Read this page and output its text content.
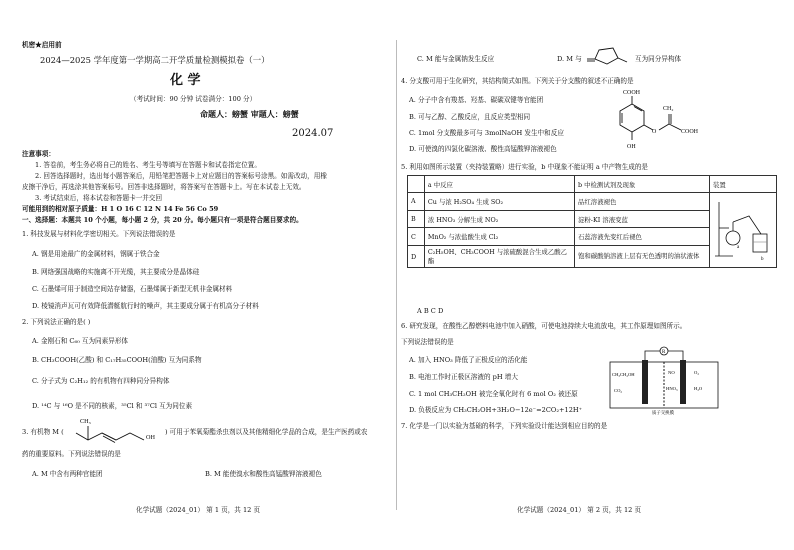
机密★启用前
2024—2025 学年度第一学期高二开学质量检测模拟卷（一）
化 学
（考试时间：90 分钟 试卷满分：100 分）
命题人：螃蟹 审题人：螃蟹
2024.07
注意事项：
1. 答卷前，考生务必将自己的姓名、考生号等填写在答题卡和试卷指定位置。
2. 回答选择题时，选出每小题答案后，用铅笔把答题卡上对应题目的答案标号涂黑。如需改动，用橡
皮擦干净后，再选涂其他答案标号。回答非选择题时，将答案写在答题卡上。写在本试卷上无效。
3. 考试结束后，将本试卷和答题卡一并交回
可能用到的相对原子质量：H 1 O 16 C 12 N 14 Fe 56 Co 59
一、选择题：本题共 10 个小题，每小题 2 分，共 20 分。每小题只有一项是符合题目要求的。
1. 科技发展与材料化学密切相关。下列说法错误的是
A. 钢是用途最广的金属材料，钢属于铁合金
B. 网络强国战略的实施离不开光缆，其主要成分是晶体硅
C. 石墨烯可用于制造空间站存储器，石墨烯属于新型无机非金属材料
D. 棱镜消声瓦可有效降低潜艇航行时的噪声，其主要成分属于有机高分子材料
2. 下列说法正确的是( )
A. 金刚石和 C₆₀ 互为同素异形体
B. CH₃COOH(乙酸) 和 C₁₇H₃₅COOH(油酸) 互为同系物
C. 分子式为 C₂H₁₂ 的有机物有四种同分异构体
D. ¹⁴C 与 ¹⁶O 是不同的核素，³⁵Cl 和 ³⁷Cl 互为同位素
3. 有机物 M (
CH₃
OH
) 可用于苯氧菊酯杀虫剂以及其他精细化学品的合成，是生产医药或农
药的重要原料。下列说法错误的是
A. M 中含有两种官能团	B. M 能使溴水和酸性高锰酸钾溶液褪色
化学试题（2024_01） 第 1 页，共 12 页
C. M 能与金属钠发生反应	D. M 与	互为同分异构体
4. 分支酸可用于生化研究，其结构简式如图。下列关于分支酸的叙述不正确的是
A. 分子中含有羧基、羟基、碳碳双键等官能团
B. 可与乙醇、乙酸反应，且反应类型相同
C. 1mol 分支酸最多可与 3molNaOH 发生中和反应
D. 可使溴的四氯化碳溶液、酸性高锰酸钾溶液褪色
COOH
OH
O
CH₂
COOH
5. 利用如图所示装置（夹持装置略）进行实验，b 中现象不能证明 a 中产物生成的是
	a 中反应	b 中检测试剂及现象	装置
A	Cu 与浓 H₂SO₄ 生成 SO₂	品红溶液褪色	a
b

B	浓 HNO₃ 分解生成 NO₂	淀粉-KI 溶液变蓝	
C	MnO₂ 与浓盐酸生成 Cl₂	石蕊溶液先变红后褪色	
D	C₂H₅OH、CH₃COOH 与浓硫酸混合生成乙酸乙酯	饱和碳酸钠溶液上层有无色透明的油状液体	
A B C D
6. 研究发现，在酸性乙醇燃料电池中加入硝酸，可使电池持续大电流放电，其工作原理如图所示。
下列说法错误的是
A. 加入 HNO₃ 降低了正极反应的活化能
B. 电池工作时正极区溶液的 pH 增大
C. 1 mol CH₃CH₂OH 被完全氧化时有 6 mol O₂ 被还原
D. 负极反应为 CH₃CH₂OH+3H₂O−12e⁻=2CO₂+12H⁺
R
CH₃CH₂OH
CO₂
NO
HNO₃
O₂
H₂O
质子交换膜
7. 化学是一门以实验为基础的科学，下列实验设计能达到相应目的的是
化学试题（2024_01） 第 2 页，共 12 页
